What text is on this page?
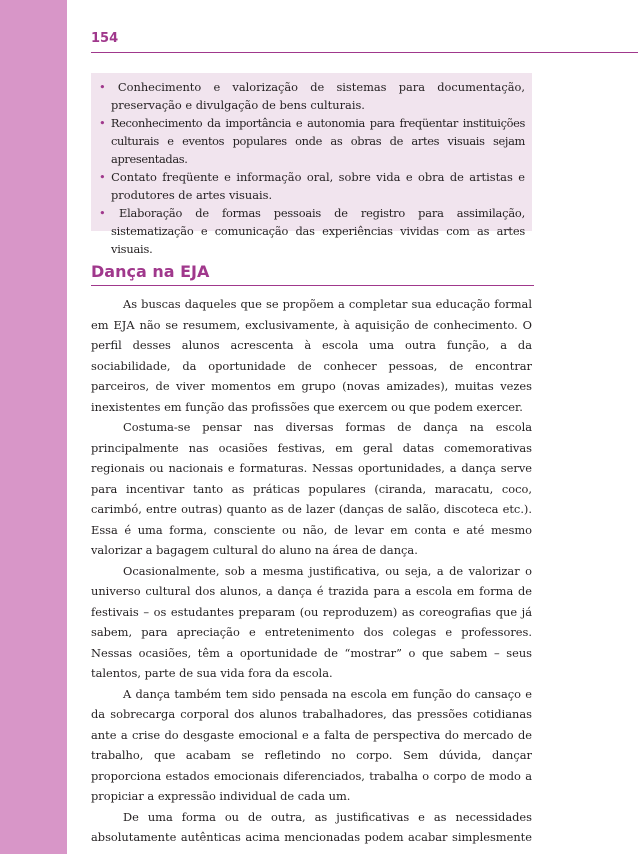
154

• Conhecimento e valorização de sistemas para documentação, preservação e divulgação de bens culturais.

• Reconhecimento da importância e autonomia para freqüentar instituições culturais e eventos populares onde as obras de artes visuais sejam apresentadas.

• Contato freqüente e informação oral, sobre vida e obra de artistas e produtores de artes visuais.

• Elaboração de formas pessoais de registro para assimilação, sistematização e comunicação das experiências vividas com as artes visuais.

Dança na EJA

As buscas daqueles que se propõem a completar sua educação formal em EJA não se resumem, exclusivamente, à aquisição de conhecimento. O perfil desses alunos acrescenta à escola uma outra função, a da sociabilidade, da oportunidade de conhecer pessoas, de encontrar parceiros, de viver momentos em grupo (novas amizades), muitas vezes inexistentes em função das profissões que exercem ou que podem exercer.

Costuma-se pensar nas diversas formas de dança na escola principalmente nas ocasiões festivas, em geral datas comemorativas regionais ou nacionais e formaturas. Nessas oportunidades, a dança serve para incentivar tanto as práticas populares (ciranda, maracatu, coco, carimbó, entre outras) quanto as de lazer (danças de salão, discoteca etc.). Essa é uma forma, consciente ou não, de levar em conta e até mesmo valorizar a bagagem cultural do aluno na área de dança.

Ocasionalmente, sob a mesma justificativa, ou seja, a de valorizar o universo cultural dos alunos, a dança é trazida para a escola em forma de festivais – os estudantes preparam (ou reproduzem) as coreografias que já sabem, para apreciação e entretenimento dos colegas e professores. Nessas ocasiões, têm a oportunidade de “mostrar” o que sabem – seus talentos, parte de sua vida fora da escola.

A dança também tem sido pensada na escola em função do cansaço e da sobrecarga corporal dos alunos trabalhadores, das pressões cotidianas ante a crise do desgaste emocional e a falta de perspectiva do mercado de trabalho, que acabam se refletindo no corpo. Sem dúvida, dançar proporciona estados emocionais diferenciados, trabalha o corpo de modo a propiciar a expressão individual de cada um.

De uma forma ou de outra, as justificativas e as necessidades absolutamente autênticas acima mencionadas podem acabar simplesmente
